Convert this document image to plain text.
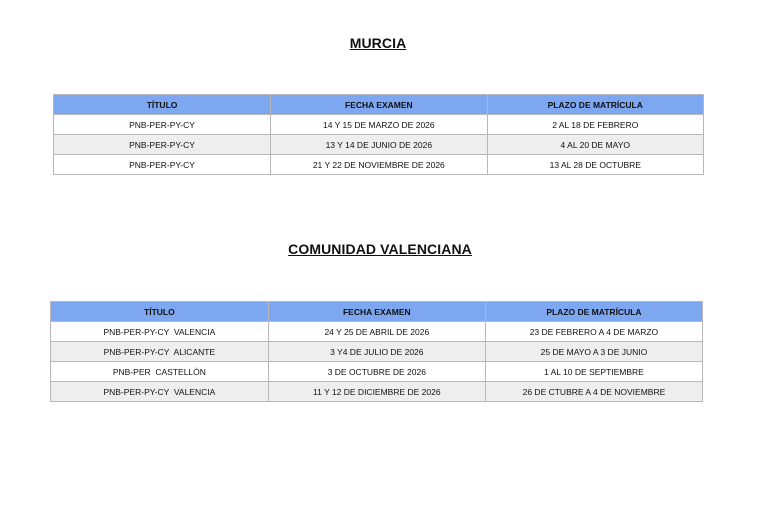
MURCIA
TÍTULO	FECHA EXAMEN	PLAZO DE MATRÍCULA
PNB-PER-PY-CY	14 Y 15 DE MARZO DE 2026	2 AL 18 DE FEBRERO
PNB-PER-PY-CY	13 Y 14 DE JUNIO DE 2026	4 AL 20 DE MAYO
PNB-PER-PY-CY	21 Y 22 DE NOVIEMBRE DE 2026	13 AL 28 DE OCTUBRE
COMUNIDAD VALENCIANA
TÍTULO	FECHA EXAMEN	PLAZO DE MATRÍCULA
PNB-PER-PY-CY  VALENCIA	24 Y 25 DE ABRIL DE 2026	23 DE FEBRERO A 4 DE MARZO
PNB-PER-PY-CY  ALICANTE	3 Y4 DE JULIO DE 2026	25 DE MAYO A 3 DE JUNIO
PNB-PER  CASTELLÓN	3 DE OCTUBRE DE 2026	1 AL 10 DE SEPTIEMBRE
PNB-PER-PY-CY  VALENCIA	11 Y 12 DE DICIEMBRE DE 2026	26 DE CTUBRE A 4 DE NOVIEMBRE
